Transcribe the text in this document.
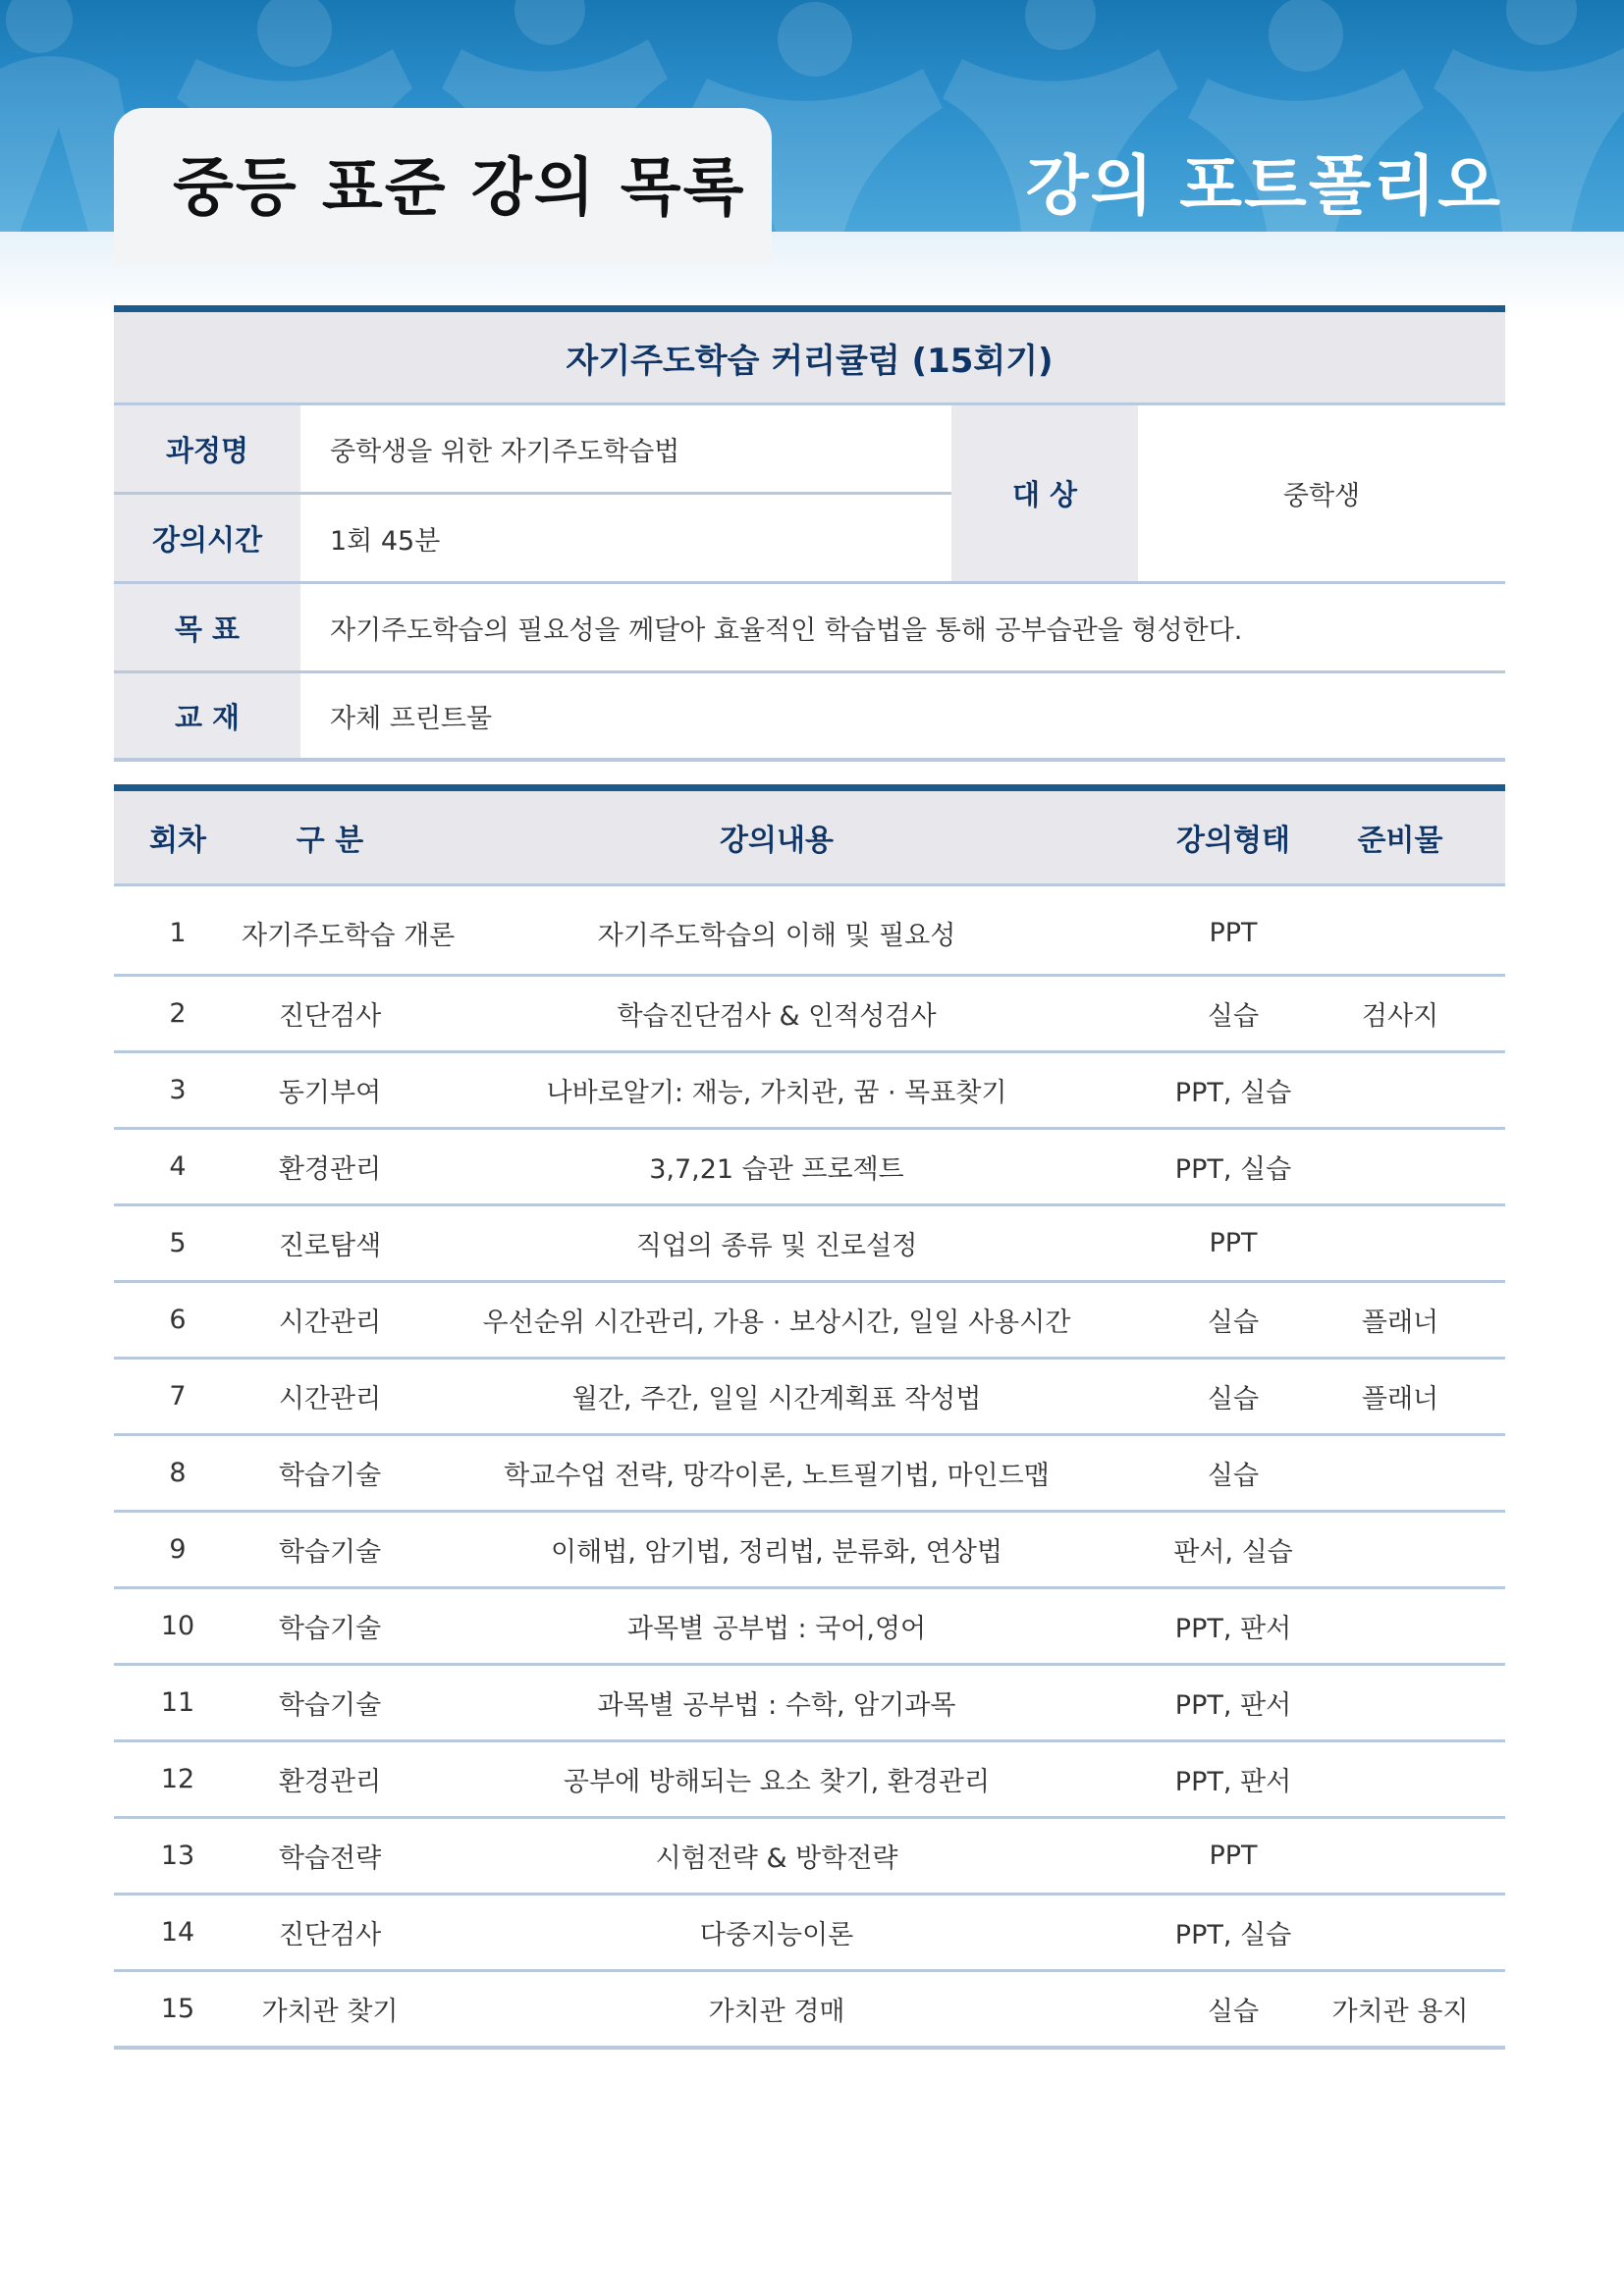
강의 포트폴리오
중등 표준 강의 목록
자기주도학습 커리큘럼 (15회기)
과정명	중학생을 위한 자기주도학습법
강의시간	1회 45분
대 상	중학생
목 표	자기주도학습의 필요성을 께달아 효율적인 학습법을 통해 공부습관을 형성한다.
교 재	자체 프린트물
회차	구 분	강의내용	강의형태	준비물
1	자기주도학습 개론	자기주도학습의 이해 및 필요성	PPT
2	진단검사	학습진단검사 & 인적성검사	실습	검사지
3	동기부여	나바로알기: 재능, 가치관, 꿈 · 목표찾기	PPT, 실습
4	환경관리	3,7,21 습관 프로젝트	PPT, 실습
5	진로탐색	직업의 종류 및 진로설정	PPT
6	시간관리	우선순위 시간관리, 가용 · 보상시간, 일일 사용시간	실습	플래너
7	시간관리	월간, 주간, 일일 시간계획표 작성법	실습	플래너
8	학습기술	학교수업 전략, 망각이론, 노트필기법, 마인드맵	실습
9	학습기술	이해법, 암기법, 정리법, 분류화, 연상법	판서, 실습
10	학습기술	과목별 공부법 : 국어,영어	PPT, 판서
11	학습기술	과목별 공부법 : 수학, 암기과목	PPT, 판서
12	환경관리	공부에 방해되는 요소 찾기, 환경관리	PPT, 판서
13	학습전략	시험전략 & 방학전략	PPT
14	진단검사	다중지능이론	PPT, 실습
15	가치관 찾기	가치관 경매	실습	가치관 용지
